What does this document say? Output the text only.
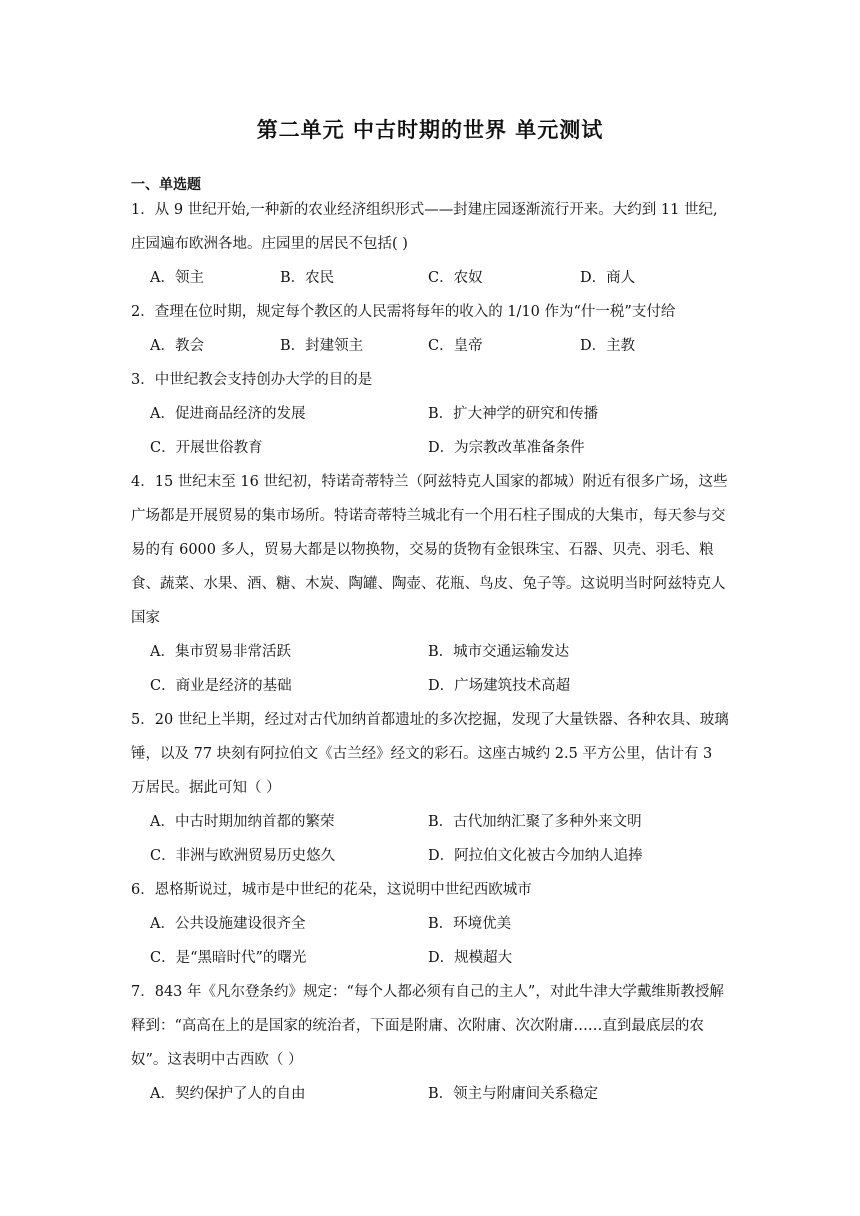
第二单元 中古时期的世界 单元测试
一、单选题
1．从 9 世纪开始,一种新的农业经济组织形式——封建庄园逐渐流行开来。大约到 11 世纪,庄园遍布欧洲各地。庄园里的居民不包括( )
A．领主	B．农民	C．农奴	D．商人
2．查理在位时期，规定每个教区的人民需将每年的收入的 1/10 作为“什一税”支付给
A．教会	B．封建领主	C．皇帝	D．主教
3．中世纪教会支持创办大学的目的是
A．促进商品经济的发展	B．扩大神学的研究和传播
C．开展世俗教育	D．为宗教改革准备条件
4．15 世纪末至 16 世纪初，特诺奇蒂特兰（阿兹特克人国家的都城）附近有很多广场，这些广场都是开展贸易的集市场所。特诺奇蒂特兰城北有一个用石柱子围成的大集市，每天参与交易的有 6000 多人，贸易大都是以物换物，交易的货物有金银珠宝、石器、贝壳、羽毛、粮食、蔬菜、水果、酒、糖、木炭、陶罐、陶壶、花瓶、鸟皮、兔子等。这说明当时阿兹特克人国家
A．集市贸易非常活跃	B．城市交通运输发达
C．商业是经济的基础	D．广场建筑技术高超
5．20 世纪上半期，经过对古代加纳首都遗址的多次挖掘，发现了大量铁器、各种农具、玻璃锤，以及 77 块刻有阿拉伯文《古兰经》经文的彩石。这座古城约 2.5 平方公里，估计有 3 万居民。据此可知（ ）
A．中古时期加纳首都的繁荣	B．古代加纳汇聚了多种外来文明
C．非洲与欧洲贸易历史悠久	D．阿拉伯文化被古今加纳人追捧
6．恩格斯说过，城市是中世纪的花朵，这说明中世纪西欧城市
A．公共设施建设很齐全	B．环境优美
C．是“黑暗时代”的曙光	D．规模超大
7．843 年《凡尔登条约》规定：“每个人都必须有自己的主人”，对此牛津大学戴维斯教授解释到：“高高在上的是国家的统治者，下面是附庸、次附庸、次次附庸……直到最底层的农奴”。这表明中古西欧（ ）
A．契约保护了人的自由	B．领主与附庸间关系稳定
